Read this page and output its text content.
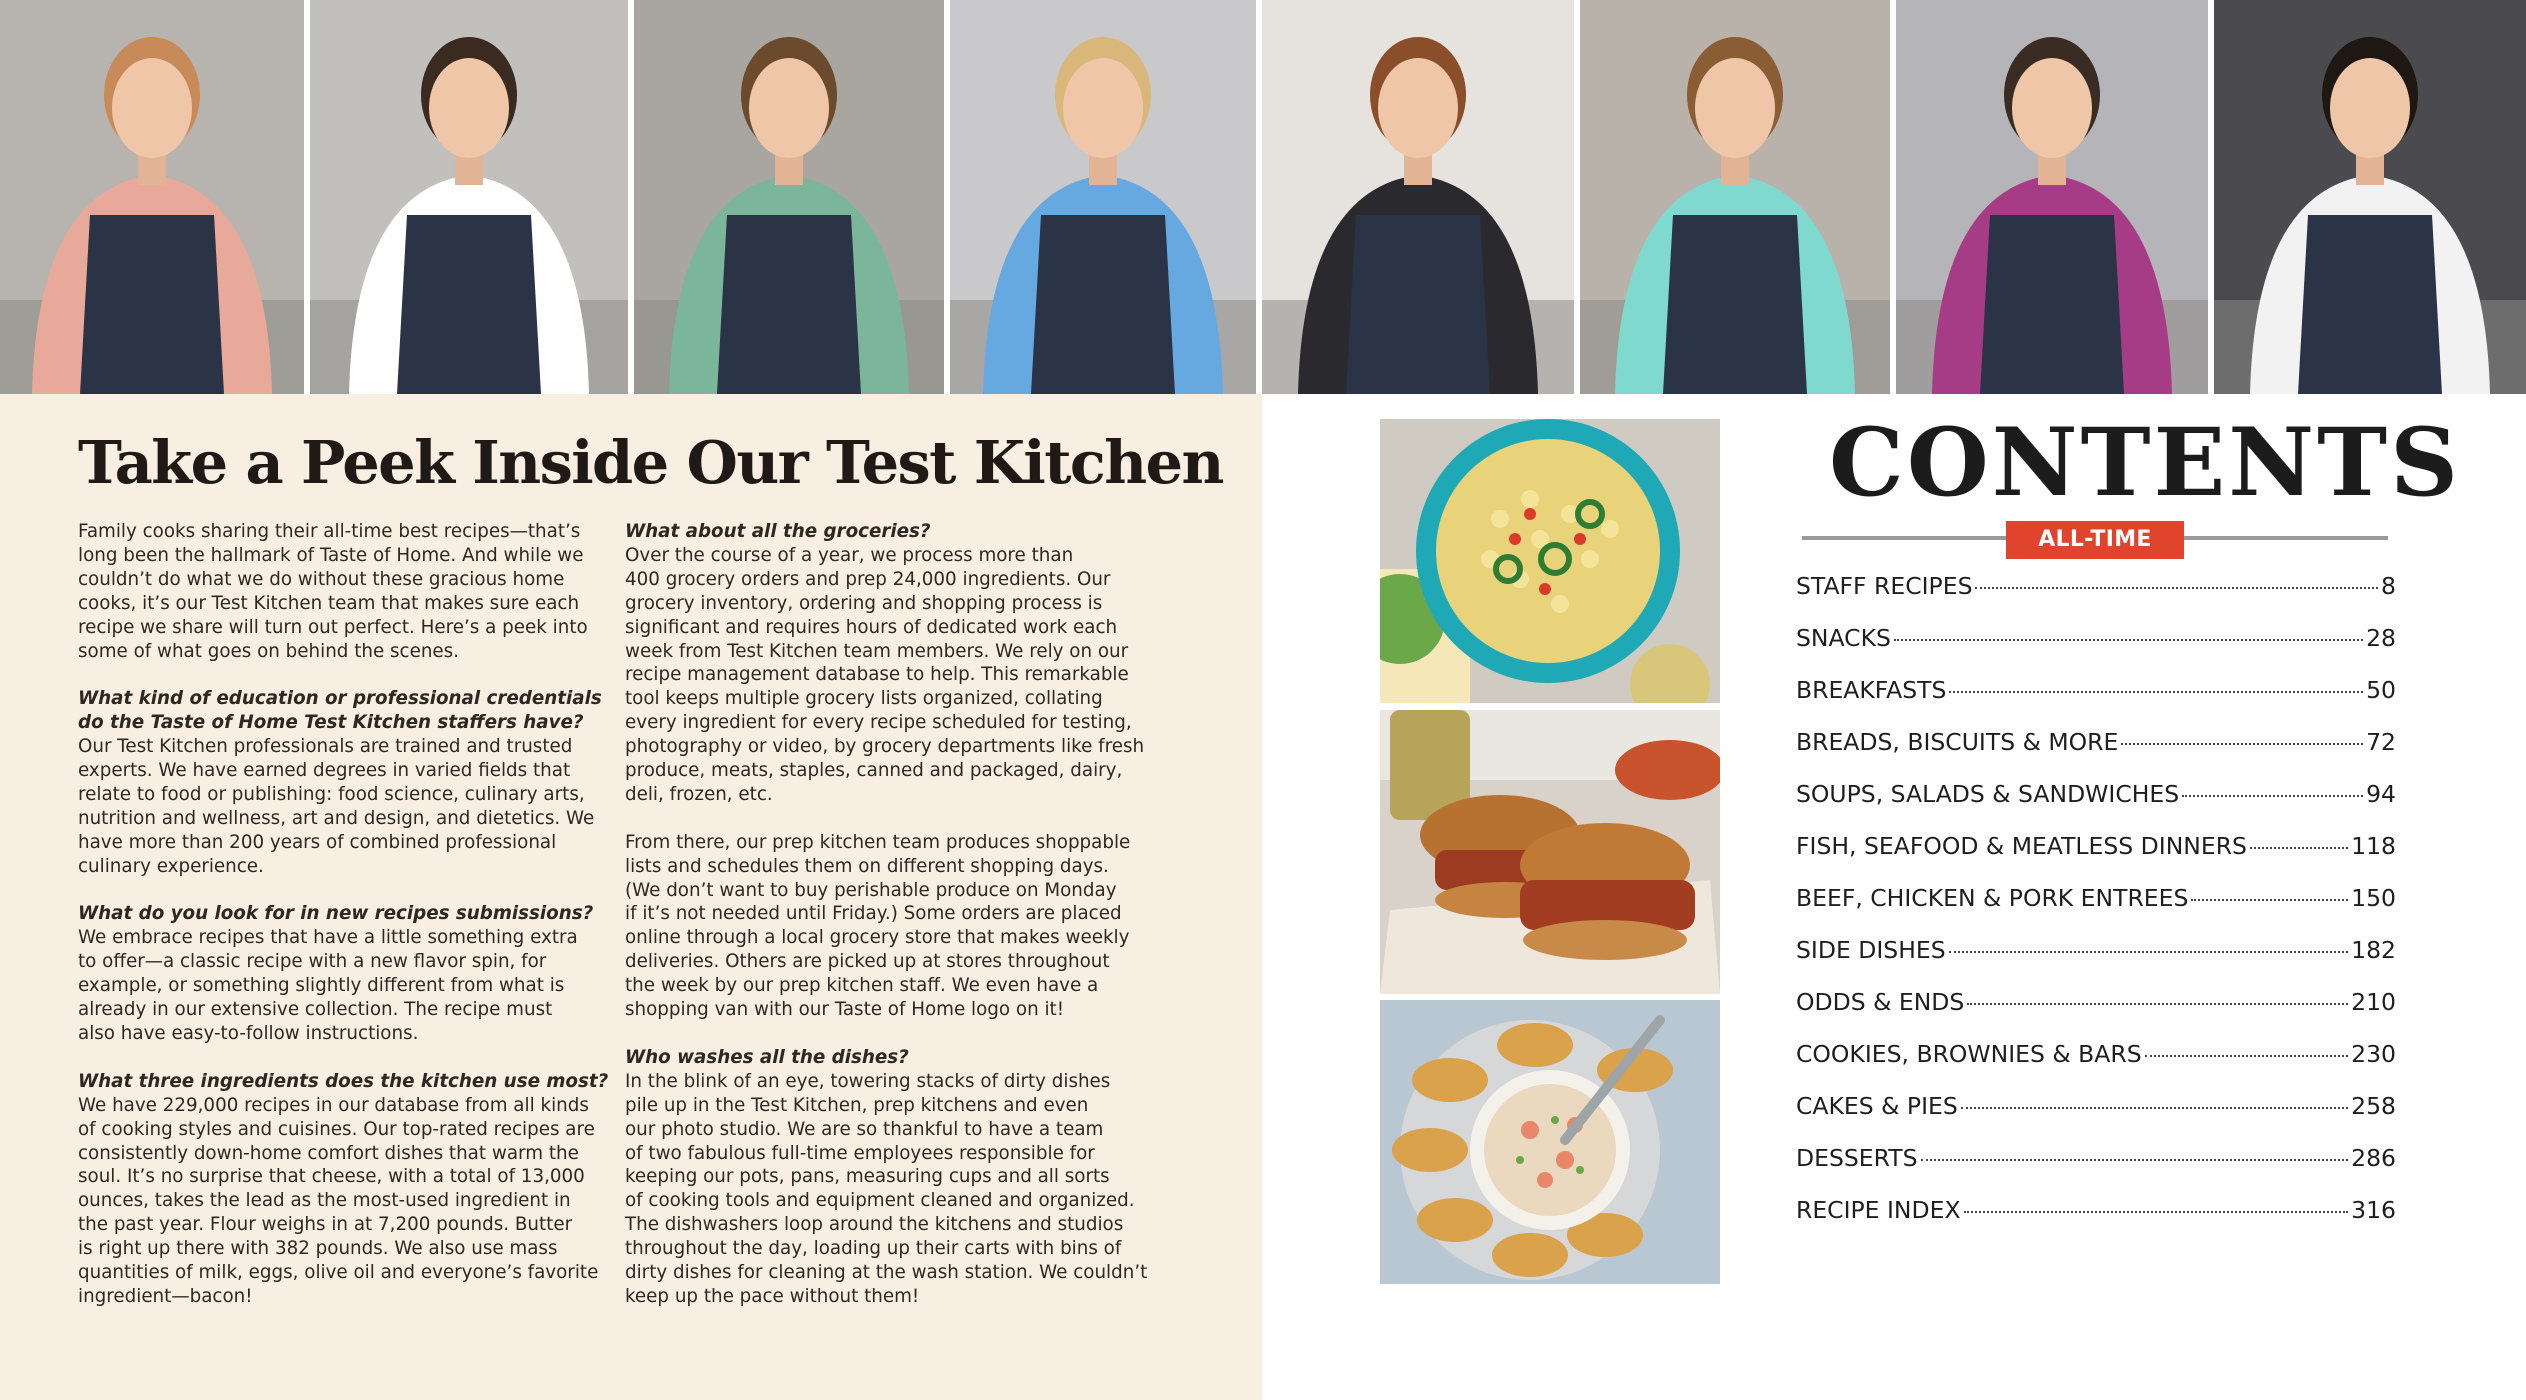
Take a Peek Inside Our Test Kitchen

Family cooks sharing their all-time best recipes—that’s
long been the hallmark of Taste of Home. And while we
couldn’t do what we do without these gracious home
cooks, it’s our Test Kitchen team that makes sure each
recipe we share will turn out perfect. Here’s a peek into
some of what goes on behind the scenes.

What kind of education or professional credentials
do the Taste of Home Test Kitchen staffers have?
Our Test Kitchen professionals are trained and trusted
experts. We have earned degrees in varied fields that
relate to food or publishing: food science, culinary arts,
nutrition and wellness, art and design, and dietetics. We
have more than 200 years of combined professional
culinary experience.

What do you look for in new recipes submissions?
We embrace recipes that have a little something extra
to offer—a classic recipe with a new flavor spin, for
example, or something slightly different from what is
already in our extensive collection. The recipe must
also have easy-to-follow instructions.

What three ingredients does the kitchen use most?
We have 229,000 recipes in our database from all kinds
of cooking styles and cuisines. Our top-rated recipes are
consistently down-home comfort dishes that warm the
soul. It’s no surprise that cheese, with a total of 13,000
ounces, takes the lead as the most-used ingredient in
the past year. Flour weighs in at 7,200 pounds. Butter
is right up there with 382 pounds. We also use mass
quantities of milk, eggs, olive oil and everyone’s favorite
ingredient—bacon!

What about all the groceries?
Over the course of a year, we process more than
400 grocery orders and prep 24,000 ingredients. Our
grocery inventory, ordering and shopping process is
significant and requires hours of dedicated work each
week from Test Kitchen team members. We rely on our
recipe management database to help. This remarkable
tool keeps multiple grocery lists organized, collating
every ingredient for every recipe scheduled for testing,
photography or video, by grocery departments like fresh
produce, meats, staples, canned and packaged, dairy,
deli, frozen, etc.

From there, our prep kitchen team produces shoppable
lists and schedules them on different shopping days.
(We don’t want to buy perishable produce on Monday
if it’s not needed until Friday.) Some orders are placed
online through a local grocery store that makes weekly
deliveries. Others are picked up at stores throughout
the week by our prep kitchen staff. We even have a
shopping van with our Taste of Home logo on it!

Who washes all the dishes?
In the blink of an eye, towering stacks of dirty dishes
pile up in the Test Kitchen, prep kitchens and even
our photo studio. We are so thankful to have a team
of two fabulous full-time employees responsible for
keeping our pots, pans, measuring cups and all sorts
of cooking tools and equipment cleaned and organized.
The dishwashers loop around the kitchens and studios
throughout the day, loading up their carts with bins of
dirty dishes for cleaning at the wash station. We couldn’t
keep up the pace without them!

CONTENTS
ALL-TIME BEST
STAFF RECIPES	8
SNACKS	28
BREAKFASTS	50
BREADS, BISCUITS & MORE	72
SOUPS, SALADS & SANDWICHES	94
FISH, SEAFOOD & MEATLESS DINNERS	118
BEEF, CHICKEN & PORK ENTREES	150
SIDE DISHES	182
ODDS & ENDS	210
COOKIES, BROWNIES & BARS	230
CAKES & PIES	258
DESSERTS	286
RECIPE INDEX	316
